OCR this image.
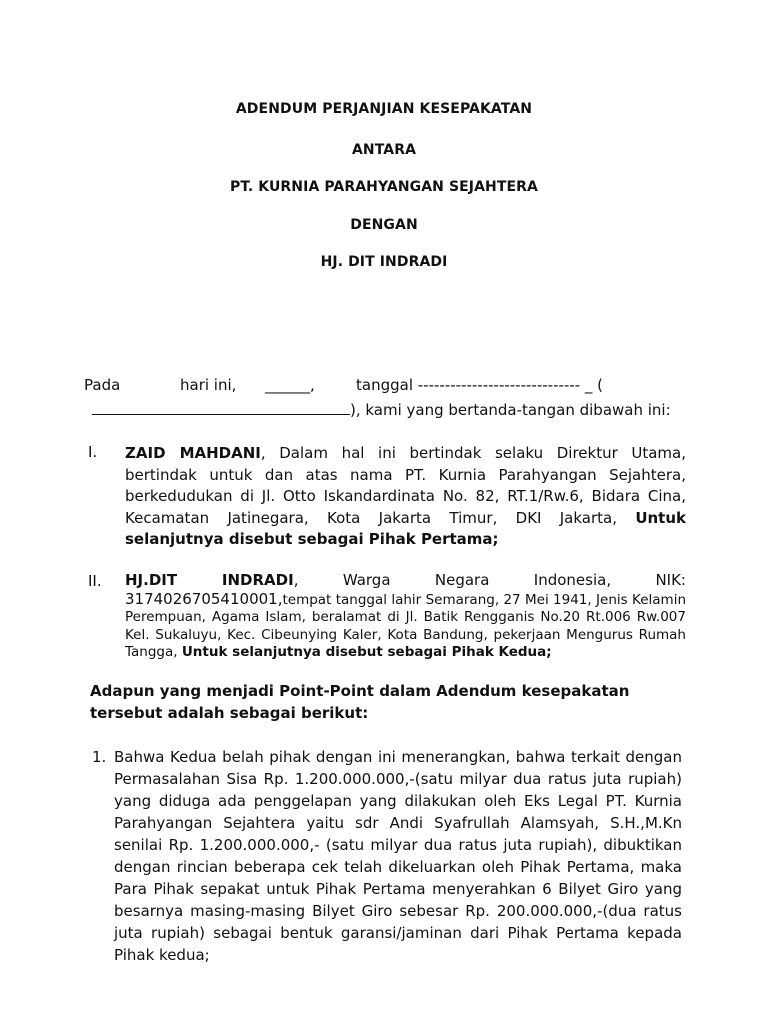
ADENDUM PERJANJIAN KESEPAKATAN
ANTARA
PT. KURNIA PARAHYANGAN SEJAHTERA
DENGAN
HJ. DIT INDRADI
Pada	hari ini, ______,	tanggal ------------------------------ _ (
), kami yang bertanda-tangan dibawah ini:
I. ZAID MAHDANI, Dalam hal ini bertindak selaku Direktur Utama, bertindak untuk dan atas nama PT. Kurnia Parahyangan Sejahtera, berkedudukan di Jl. Otto Iskandardinata No. 82, RT.1/Rw.6, Bidara Cina, Kecamatan Jatinegara, Kota Jakarta Timur, DKI Jakarta, Untuk selanjutnya disebut sebagai Pihak Pertama;
II. HJ.DIT INDRADI, Warga Negara Indonesia, NIK: 3174026705410001,tempat tanggal lahir Semarang, 27 Mei 1941, Jenis Kelamin Perempuan, Agama Islam, beralamat di Jl. Batik Rengganis No.20 Rt.006 Rw.007 Kel. Sukaluyu, Kec. Cibeunying Kaler, Kota Bandung, pekerjaan Mengurus Rumah Tangga, Untuk selanjutnya disebut sebagai Pihak Kedua;
Adapun yang menjadi Point-Point dalam Adendum kesepakatan tersebut adalah sebagai berikut:
1. Bahwa Kedua belah pihak dengan ini menerangkan, bahwa terkait dengan Permasalahan Sisa Rp. 1.200.000.000,-(satu milyar dua ratus juta rupiah) yang diduga ada penggelapan yang dilakukan oleh Eks Legal PT. Kurnia Parahyangan Sejahtera yaitu sdr Andi Syafrullah Alamsyah, S.H.,M.Kn senilai Rp. 1.200.000.000,- (satu milyar dua ratus juta rupiah), dibuktikan dengan rincian beberapa cek telah dikeluarkan oleh Pihak Pertama, maka Para Pihak sepakat untuk Pihak Pertama menyerahkan 6 Bilyet Giro yang besarnya masing-masing Bilyet Giro sebesar Rp. 200.000.000,-(dua ratus juta rupiah) sebagai bentuk garansi/jaminan dari Pihak Pertama kepada Pihak kedua;
